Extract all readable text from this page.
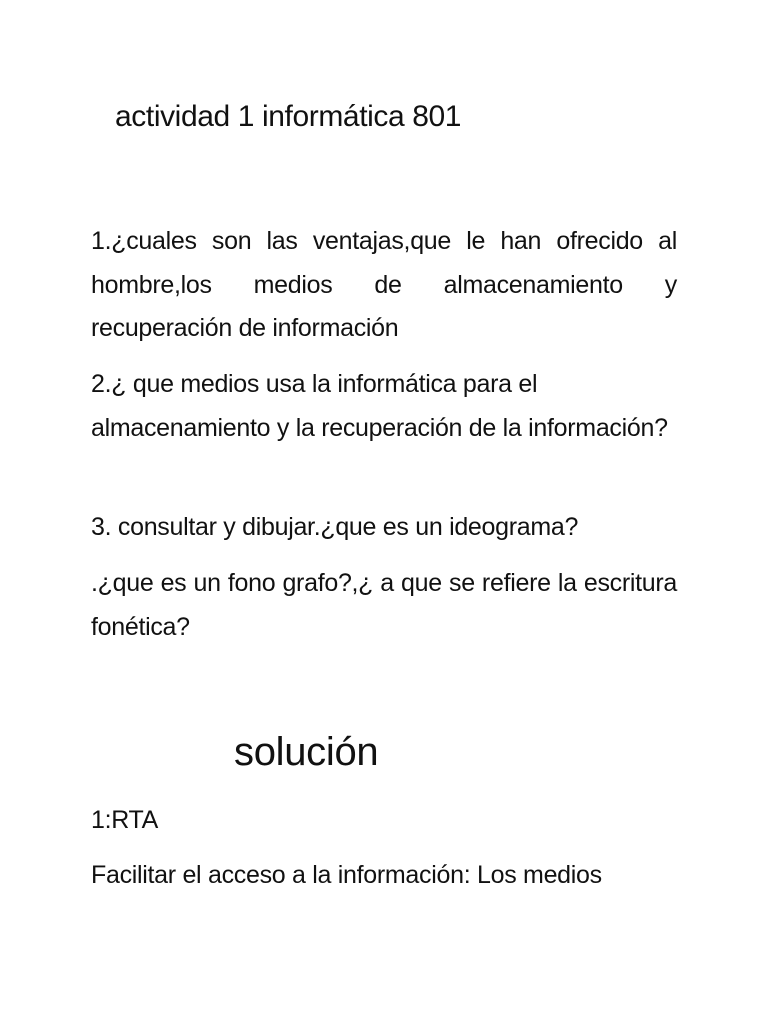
actividad 1 informática 801
1.¿cuales son las ventajas,que le han ofrecido al hombre,los medios de almacenamiento y recuperación de información
2.¿ que medios usa la informática para el almacenamiento y la recuperación de la información?
3. consultar y dibujar.¿que es un ideograma?
.¿que es un fono grafo?,¿ a que se refiere la escritura fonética?
solución
1:RTA
Facilitar el acceso a la información: Los medios
